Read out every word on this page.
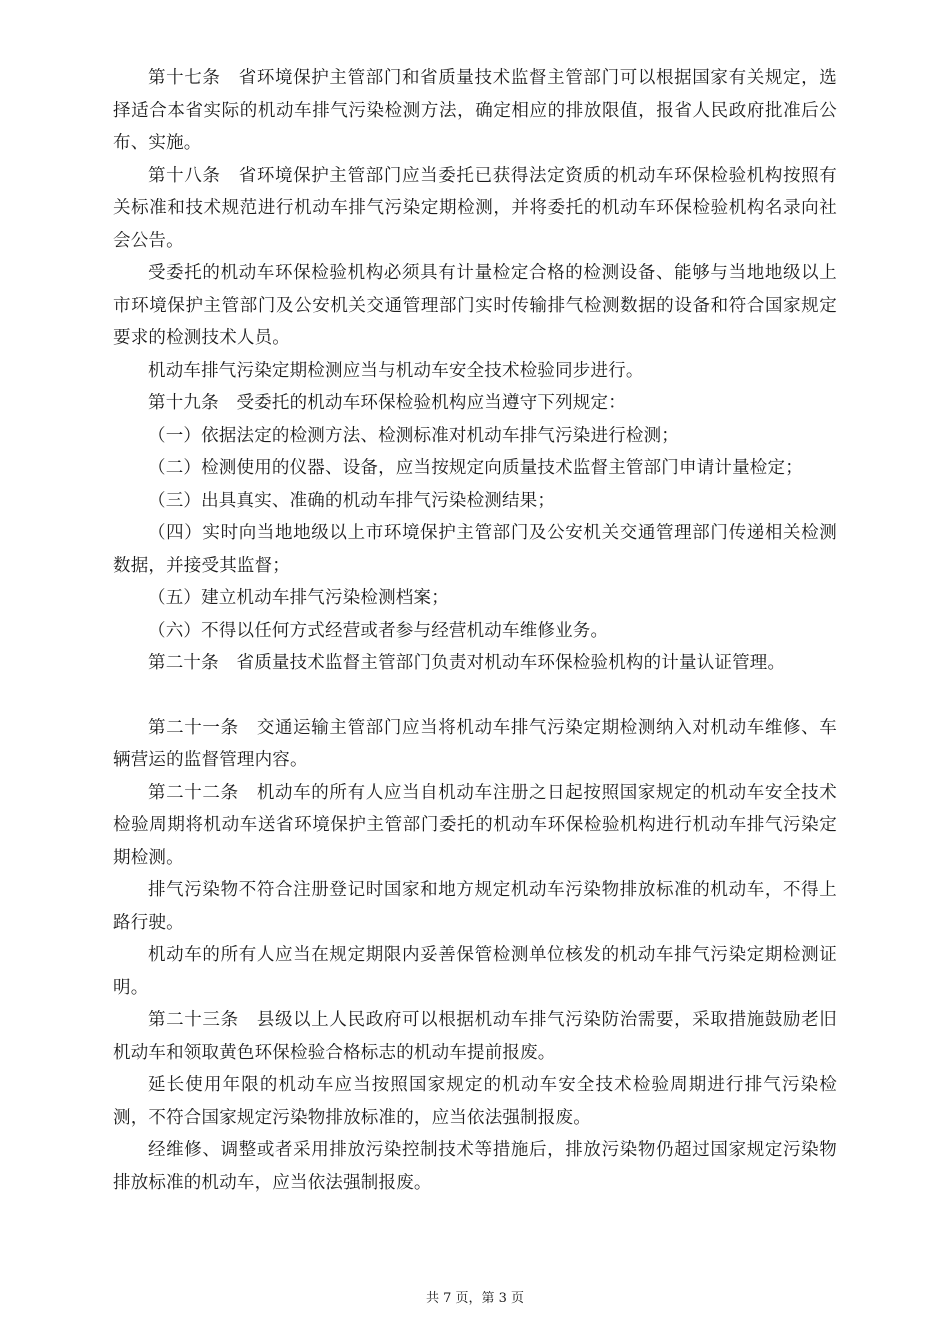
第十七条　省环境保护主管部门和省质量技术监督主管部门可以根据国家有关规定，选择适合本省实际的机动车排气污染检测方法，确定相应的排放限值，报省人民政府批准后公布、实施。

第十八条　省环境保护主管部门应当委托已获得法定资质的机动车环保检验机构按照有关标准和技术规范进行机动车排气污染定期检测，并将委托的机动车环保检验机构名录向社会公告。

受委托的机动车环保检验机构必须具有计量检定合格的检测设备、能够与当地地级以上市环境保护主管部门及公安机关交通管理部门实时传输排气检测数据的设备和符合国家规定要求的检测技术人员。

机动车排气污染定期检测应当与机动车安全技术检验同步进行。

第十九条　受委托的机动车环保检验机构应当遵守下列规定：

（一）依据法定的检测方法、检测标准对机动车排气污染进行检测；

（二）检测使用的仪器、设备，应当按规定向质量技术监督主管部门申请计量检定；

（三）出具真实、准确的机动车排气污染检测结果；

（四）实时向当地地级以上市环境保护主管部门及公安机关交通管理部门传递相关检测数据，并接受其监督；

（五）建立机动车排气污染检测档案；

（六）不得以任何方式经营或者参与经营机动车维修业务。

第二十条　省质量技术监督主管部门负责对机动车环保检验机构的计量认证管理。

第二十一条　交通运输主管部门应当将机动车排气污染定期检测纳入对机动车维修、车辆营运的监督管理内容。

第二十二条　机动车的所有人应当自机动车注册之日起按照国家规定的机动车安全技术检验周期将机动车送省环境保护主管部门委托的机动车环保检验机构进行机动车排气污染定期检测。

排气污染物不符合注册登记时国家和地方规定机动车污染物排放标准的机动车，不得上路行驶。

机动车的所有人应当在规定期限内妥善保管检测单位核发的机动车排气污染定期检测证明。

第二十三条　县级以上人民政府可以根据机动车排气污染防治需要，采取措施鼓励老旧机动车和领取黄色环保检验合格标志的机动车提前报废。

延长使用年限的机动车应当按照国家规定的机动车安全技术检验周期进行排气污染检测，不符合国家规定污染物排放标准的，应当依法强制报废。

经维修、调整或者采用排放污染控制技术等措施后，排放污染物仍超过国家规定污染物排放标准的机动车，应当依法强制报废。

共 7 页，第 3 页
